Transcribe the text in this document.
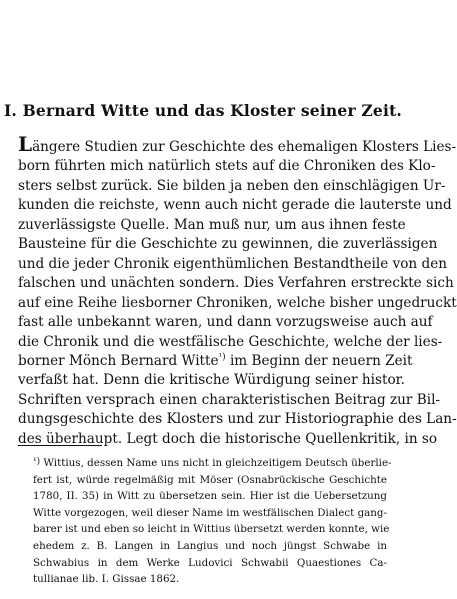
I. Bernard Witte und das Kloster seiner Zeit.
Längere Studien zur Geschichte des ehemaligen Klosters Lies-
born führten mich natürlich stets auf die Chroniken des Klo-
sters selbst zurück. Sie bilden ja neben den einschlägigen Ur-
kunden die reichste, wenn auch nicht gerade die lauterste und
zuverlässigste Quelle. Man muß nur, um aus ihnen feste
Bausteine für die Geschichte zu gewinnen, die zuverlässigen
und die jeder Chronik eigenthümlichen Bestandtheile von den
falschen und unächten sondern. Dies Verfahren erstreckte sich
auf eine Reihe liesborner Chroniken, welche bisher ungedruckt
fast alle unbekannt waren, und dann vorzugsweise auch auf
die Chronik und die westfälische Geschichte, welche der lies-
borner Mönch Bernard Witte$^{^1)}$ im Beginn der neuern Zeit
verfaßt hat. Denn die kritische Würdigung seiner histor.
Schriften versprach einen charakteristischen Beitrag zur Bil-
dungsgeschichte des Klosters und zur Historiographie des Lan-
des überhaupt. Legt doch die historische Quellenkritik, in so
¹) Wittius, dessen Name uns nicht in gleichzeitigem Deutsch überlie-
fert ist, würde regelmäßig mit Möser (Osnabrückische Geschichte
1780, II. 35) in Witt zu übersetzen sein. Hier ist die Uebersetzung
Witte vorgezogen, weil dieser Name im westfälischen Dialect gang-
barer ist und eben so leicht in Wittius übersetzt werden konnte, wie
ehedem z. B. Langen in Langius und noch jüngst Schwabe in
Schwabius in dem Werke Ludovici Schwabii Quaestiones Ca-
tullianae lib. I. Gissae 1862.
